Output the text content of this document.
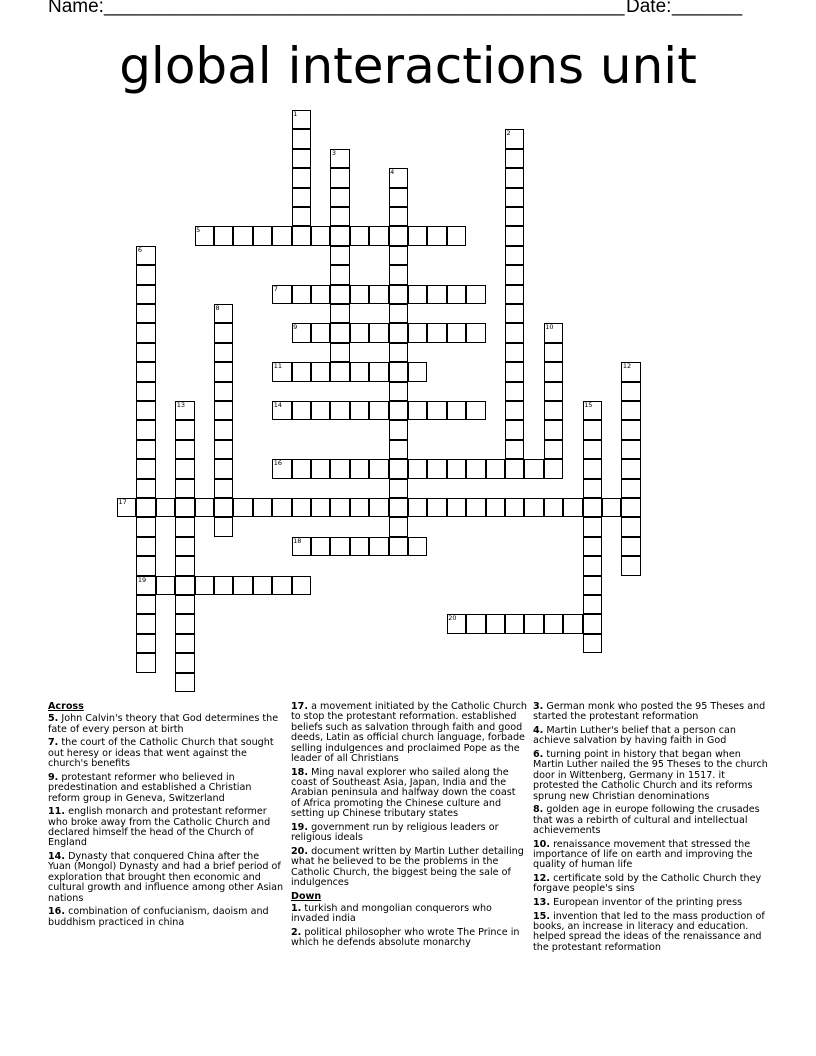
Name: ____________________________________________________ Date: _______
global interactions unit
1
2
3
4
5
6
7
8
9	10
11	12
13	14	15
16
17
18
19
20
Across
5. John Calvin's theory that God determines the fate of every person at birth
7. the court of the Catholic Church that sought out heresy or ideas that went against the church's benefits
9. protestant reformer who believed in predestination and established a Christian reform group in Geneva, Switzerland
11. english monarch and protestant reformer who broke away from the Catholic Church and declared himself the head of the Church of England
14. Dynasty that conquered China after the Yuan (Mongol) Dynasty and had a brief period of exploration that brought then economic and cultural growth and influence among other Asian nations
16. combination of confucianism, daoism and buddhism practiced in china
17. a movement initiated by the Catholic Church to stop the protestant reformation. established beliefs such as salvation through faith and good deeds, Latin as official church language, forbade selling indulgences and proclaimed Pope as the leader of all Christians
18. Ming naval explorer who sailed along the coast of Southeast Asia, Japan, India and the Arabian peninsula and halfway down the coast of Africa promoting the Chinese culture and setting up Chinese tributary states
19. government run by religious leaders or religious ideals
20. document written by Martin Luther detailing what he believed to be the problems in the Catholic Church, the biggest being the sale of indulgences
Down
1. turkish and mongolian conquerors who invaded india
2. political philosopher who wrote The Prince in which he defends absolute monarchy
3. German monk who posted the 95 Theses and started the protestant reformation
4. Martin Luther's belief that a person can achieve salvation by having faith in God
6. turning point in history that began when Martin Luther nailed the 95 Theses to the church door in Wittenberg, Germany in 1517. it protested the Catholic Church and its reforms sprung new Christian denominations
8. golden age in europe following the crusades that was a rebirth of cultural and intellectual achievements
10. renaissance movement that stressed the importance of life on earth and improving the quality of human life
12. certificate sold by the Catholic Church they forgave people's sins
13. European inventor of the printing press
15. invention that led to the mass production of books, an increase in literacy and education. helped spread the ideas of the renaissance and the protestant reformation
